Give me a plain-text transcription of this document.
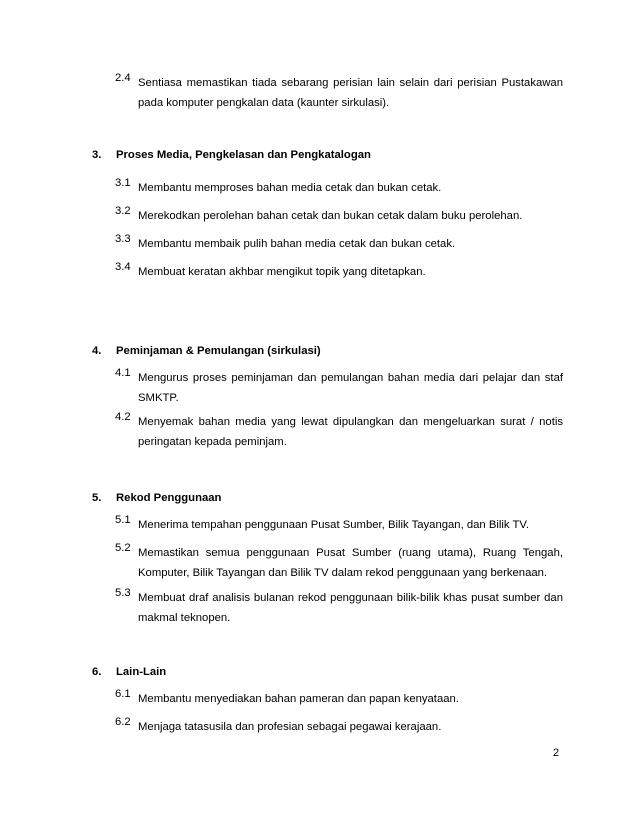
2.4 Sentiasa memastikan tiada sebarang perisian lain selain dari perisian Pustakawan pada komputer pengkalan data (kaunter sirkulasi).
3. Proses Media, Pengkelasan dan Pengkatalogan
3.1 Membantu memproses bahan media cetak dan bukan cetak.
3.2 Merekodkan perolehan bahan cetak dan bukan cetak dalam buku perolehan.
3.3 Membantu membaik pulih bahan media cetak dan bukan cetak.
3.4 Membuat keratan akhbar mengikut topik yang ditetapkan.
4. Peminjaman & Pemulangan (sirkulasi)
4.1 Mengurus proses peminjaman dan pemulangan bahan media dari pelajar dan staf SMKTP.
4.2 Menyemak bahan media yang lewat dipulangkan dan mengeluarkan surat / notis peringatan kepada peminjam.
5. Rekod Penggunaan
5.1 Menerima tempahan penggunaan Pusat Sumber, Bilik Tayangan, dan Bilik TV.
5.2 Memastikan semua penggunaan Pusat Sumber (ruang utama), Ruang Tengah, Komputer, Bilik Tayangan dan Bilik TV dalam rekod penggunaan yang berkenaan.
5.3 Membuat draf analisis bulanan rekod penggunaan bilik-bilik khas pusat sumber dan makmal teknopen.
6. Lain-Lain
6.1 Membantu menyediakan bahan pameran dan papan kenyataan.
6.2 Menjaga tatasusila dan profesian sebagai pegawai kerajaan.
2
